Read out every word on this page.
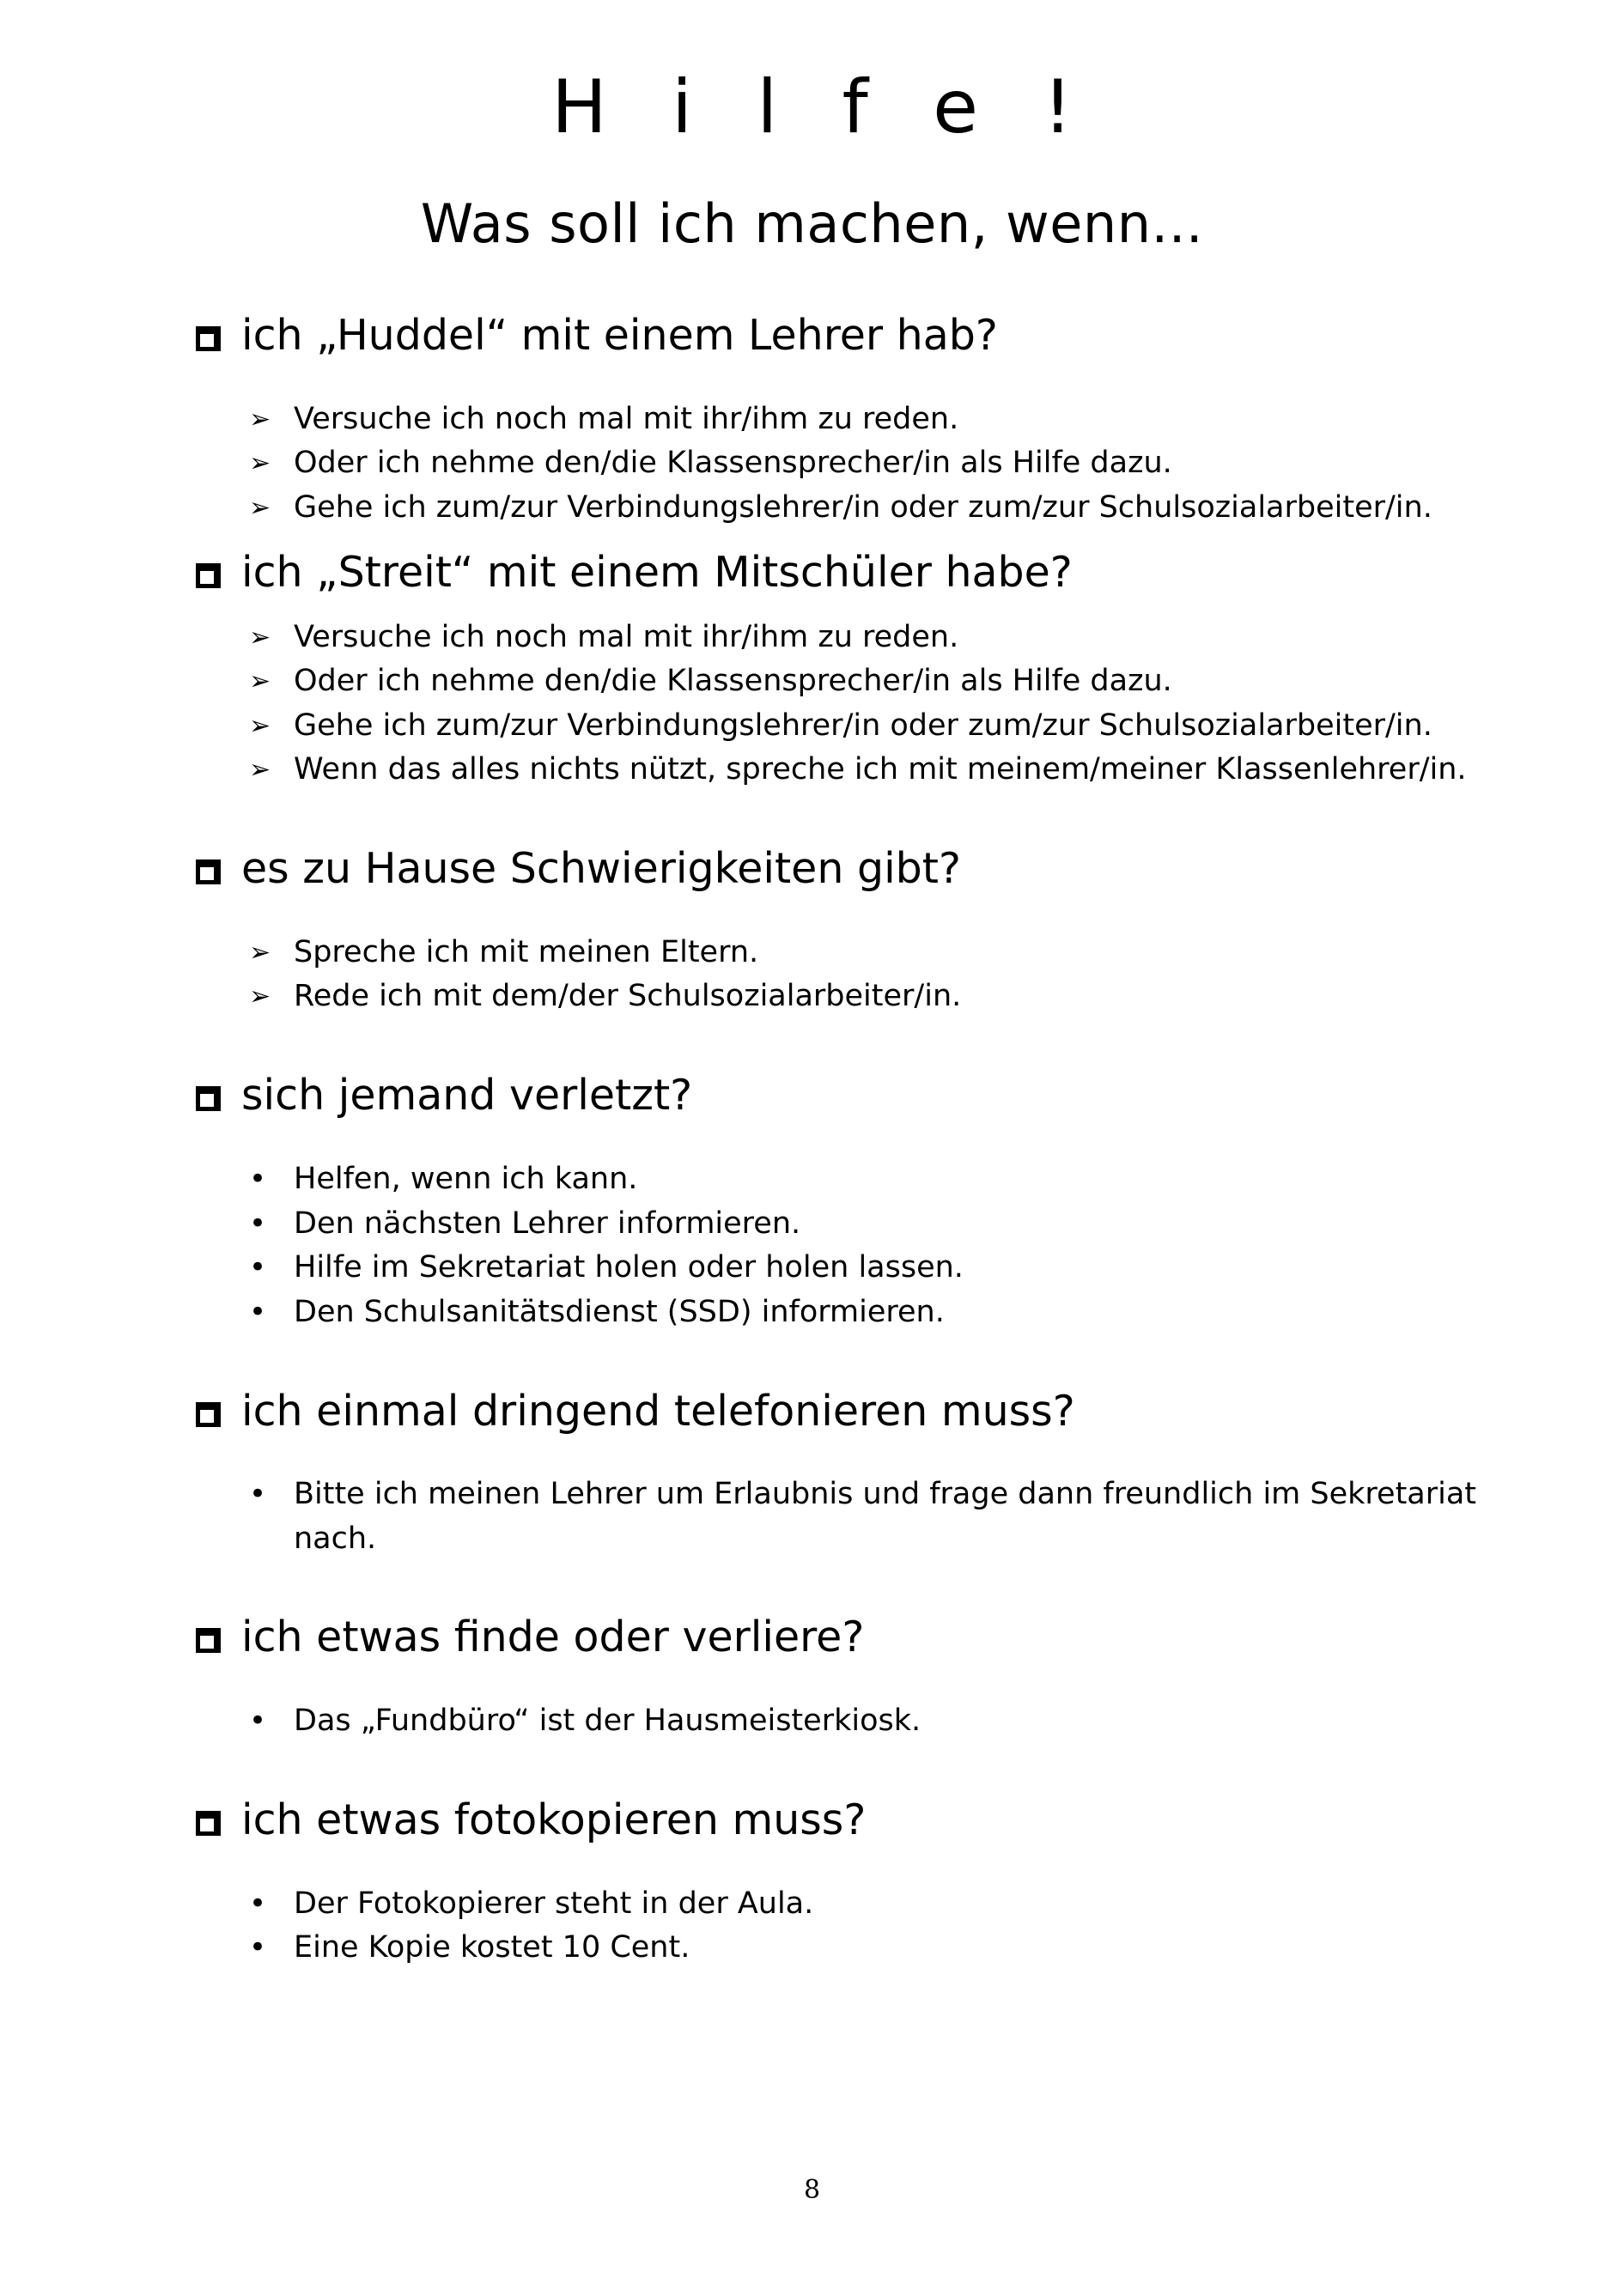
H i l f e !
Was soll ich machen, wenn...
ich „Huddel“ mit einem Lehrer hab?
➢ Versuche ich noch mal mit ihr/ihm zu reden.
➢ Oder ich nehme den/die Klassensprecher/in als Hilfe dazu.
➢ Gehe ich zum/zur Verbindungslehrer/in oder zum/zur Schulsozialarbeiter/in.
ich „Streit“ mit einem Mitschüler habe?
➢ Versuche ich noch mal mit ihr/ihm zu reden.
➢ Oder ich nehme den/die Klassensprecher/in als Hilfe dazu.
➢ Gehe ich zum/zur Verbindungslehrer/in oder zum/zur Schulsozialarbeiter/in.
➢ Wenn das alles nichts nützt, spreche ich mit meinem/meiner Klassenlehrer/in.
es zu Hause Schwierigkeiten gibt?
➢ Spreche ich mit meinen Eltern.
➢ Rede ich mit dem/der Schulsozialarbeiter/in.
sich jemand verletzt?
• Helfen, wenn ich kann.
• Den nächsten Lehrer informieren.
• Hilfe im Sekretariat holen oder holen lassen.
• Den Schulsanitätsdienst (SSD) informieren.
ich einmal dringend telefonieren muss?
• Bitte ich meinen Lehrer um Erlaubnis und frage dann freundlich im Sekretariat nach.
ich etwas finde oder verliere?
• Das „Fundbüro“ ist der Hausmeisterkiosk.
ich etwas fotokopieren muss?
• Der Fotokopierer steht in der Aula.
• Eine Kopie kostet 10 Cent.
8
